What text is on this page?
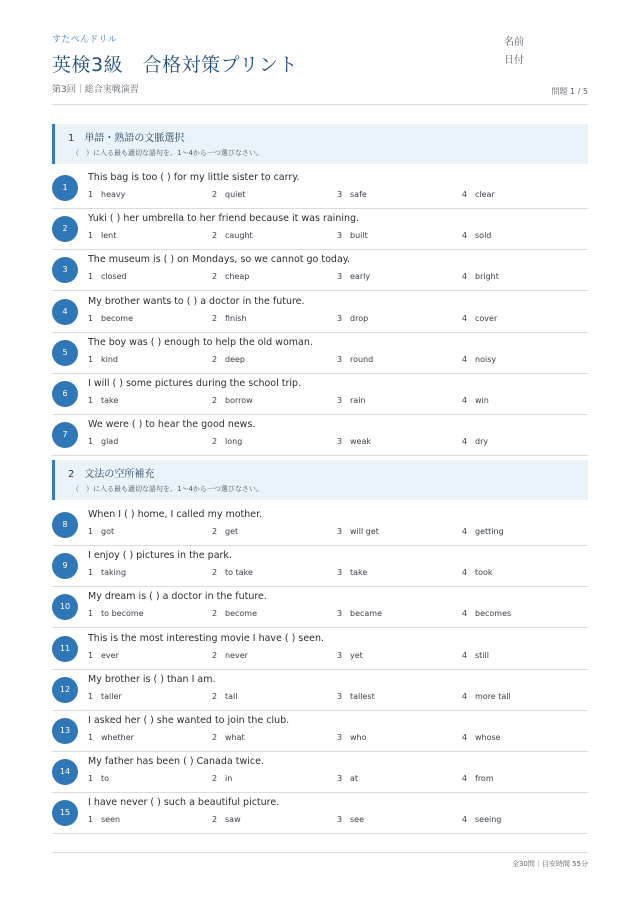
すたぺんドリル
英検3級　合格対策プリント
名前
日付
第3回｜総合実戦演習	問題 1 / 5
1　単語・熟語の文脈選択
（　）に入る最も適切な語句を、1〜4から一つ選びなさい。
1
This bag is too ( ) for my little sister to carry.
1 heavy	2 quiet	3 safe	4 clear
2
Yuki ( ) her umbrella to her friend because it was raining.
1 lent	2 caught	3 built	4 sold
3
The museum is ( ) on Mondays, so we cannot go today.
1 closed	2 cheap	3 early	4 bright
4
My brother wants to ( ) a doctor in the future.
1 become	2 finish	3 drop	4 cover
5
The boy was ( ) enough to help the old woman.
1 kind	2 deep	3 round	4 noisy
6
I will ( ) some pictures during the school trip.
1 take	2 borrow	3 rain	4 win
7
We were ( ) to hear the good news.
1 glad	2 long	3 weak	4 dry
2　文法の空所補充
（　）に入る最も適切な語句を、1〜4から一つ選びなさい。
8
When I ( ) home, I called my mother.
1 got	2 get	3 will get	4 getting
9
I enjoy ( ) pictures in the park.
1 taking	2 to take	3 take	4 took
10
My dream is ( ) a doctor in the future.
1 to become	2 become	3 became	4 becomes
11
This is the most interesting movie I have ( ) seen.
1 ever	2 never	3 yet	4 still
12
My brother is ( ) than I am.
1 taller	2 tall	3 tallest	4 more tall
13
I asked her ( ) she wanted to join the club.
1 whether	2 what	3 who	4 whose
14
My father has been ( ) Canada twice.
1 to	2 in	3 at	4 from
15
I have never ( ) such a beautiful picture.
1 seen	2 saw	3 see	4 seeing
全30問｜目安時間 55分
